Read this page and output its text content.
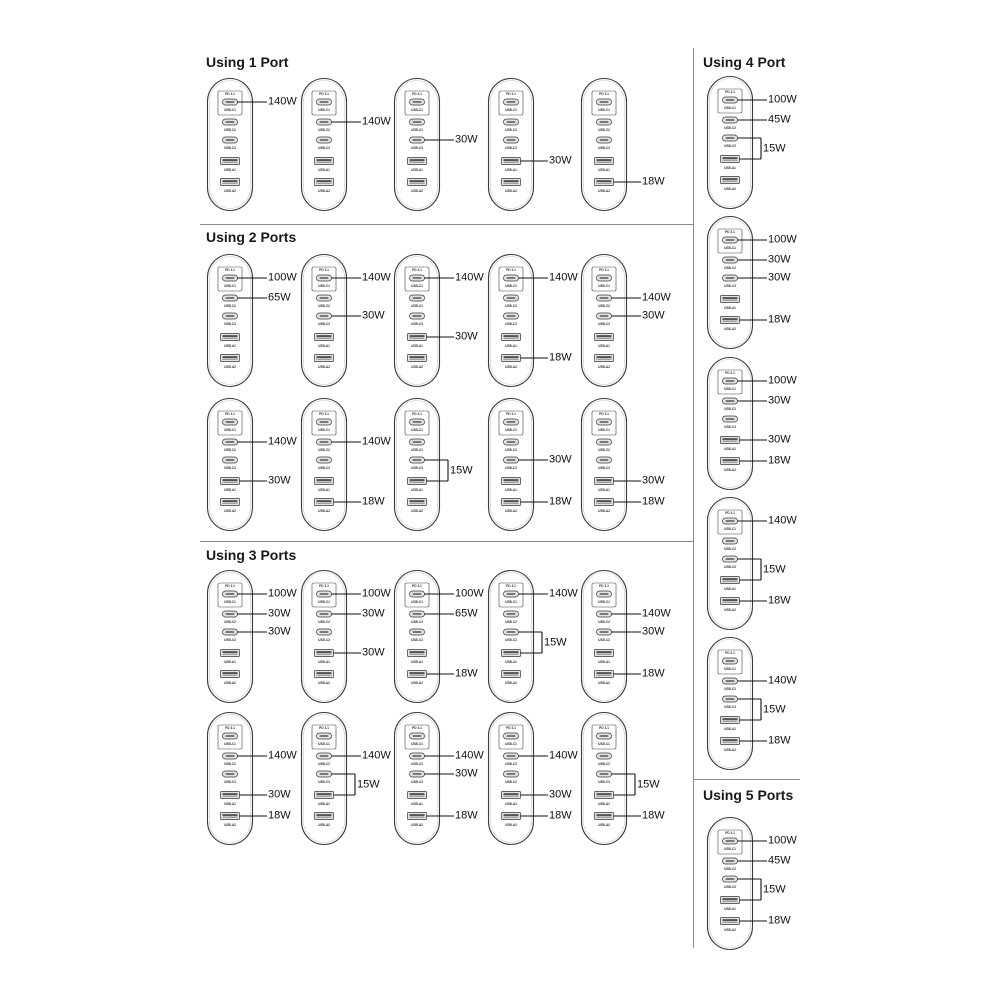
Using 1 Port
Using 2 Ports
Using 3 Ports
Using 4 Port
Using 5 Ports
PD 3.1
USB-C1
USB-C2
USB-C3
USB-A1
USB-A2
140W
PD 3.1
USB-C1
USB-C2
USB-C3
USB-A1
USB-A2
140W
PD 3.1
USB-C1
USB-C2
USB-C3
USB-A1
USB-A2
30W
PD 3.1
USB-C1
USB-C2
USB-C3
USB-A1
USB-A2
30W
PD 3.1
USB-C1
USB-C2
USB-C3
USB-A1
USB-A2
18W
PD 3.1
USB-C1
USB-C2
USB-C3
USB-A1
USB-A2
100W
65W
PD 3.1
USB-C1
USB-C2
USB-C3
USB-A1
USB-A2
140W
30W
PD 3.1
USB-C1
USB-C2
USB-C3
USB-A1
USB-A2
140W
30W
PD 3.1
USB-C1
USB-C2
USB-C3
USB-A1
USB-A2
140W
18W
PD 3.1
USB-C1
USB-C2
USB-C3
USB-A1
USB-A2
140W
30W
PD 3.1
USB-C1
USB-C2
USB-C3
USB-A1
USB-A2
140W
30W
PD 3.1
USB-C1
USB-C2
USB-C3
USB-A1
USB-A2
140W
18W
PD 3.1
USB-C1
USB-C2
USB-C3
USB-A1
USB-A2
15W
PD 3.1
USB-C1
USB-C2
USB-C3
USB-A1
USB-A2
30W
18W
PD 3.1
USB-C1
USB-C2
USB-C3
USB-A1
USB-A2
30W
18W
PD 3.1
USB-C1
USB-C2
USB-C3
USB-A1
USB-A2
100W
30W
30W
PD 3.1
USB-C1
USB-C2
USB-C3
USB-A1
USB-A2
100W
30W
30W
PD 3.1
USB-C1
USB-C2
USB-C3
USB-A1
USB-A2
100W
65W
18W
PD 3.1
USB-C1
USB-C2
USB-C3
USB-A1
USB-A2
140W
15W
PD 3.1
USB-C1
USB-C2
USB-C3
USB-A1
USB-A2
140W
30W
18W
PD 3.1
USB-C1
USB-C2
USB-C3
USB-A1
USB-A2
140W
30W
18W
PD 3.1
USB-C1
USB-C2
USB-C3
USB-A1
USB-A2
140W
15W
PD 3.1
USB-C1
USB-C2
USB-C3
USB-A1
USB-A2
140W
30W
18W
PD 3.1
USB-C1
USB-C2
USB-C3
USB-A1
USB-A2
140W
30W
18W
PD 3.1
USB-C1
USB-C2
USB-C3
USB-A1
USB-A2
15W
18W
PD 3.1
USB-C1
USB-C2
USB-C3
USB-A1
USB-A2
100W
45W
15W
PD 3.1
USB-C1
USB-C2
USB-C3
USB-A1
USB-A2
100W
30W
30W
18W
PD 3.1
USB-C1
USB-C2
USB-C3
USB-A1
USB-A2
100W
30W
30W
18W
PD 3.1
USB-C1
USB-C2
USB-C3
USB-A1
USB-A2
140W
15W
18W
PD 3.1
USB-C1
USB-C2
USB-C3
USB-A1
USB-A2
140W
15W
18W
PD 3.1
USB-C1
USB-C2
USB-C3
USB-A1
USB-A2
100W
45W
15W
18W
